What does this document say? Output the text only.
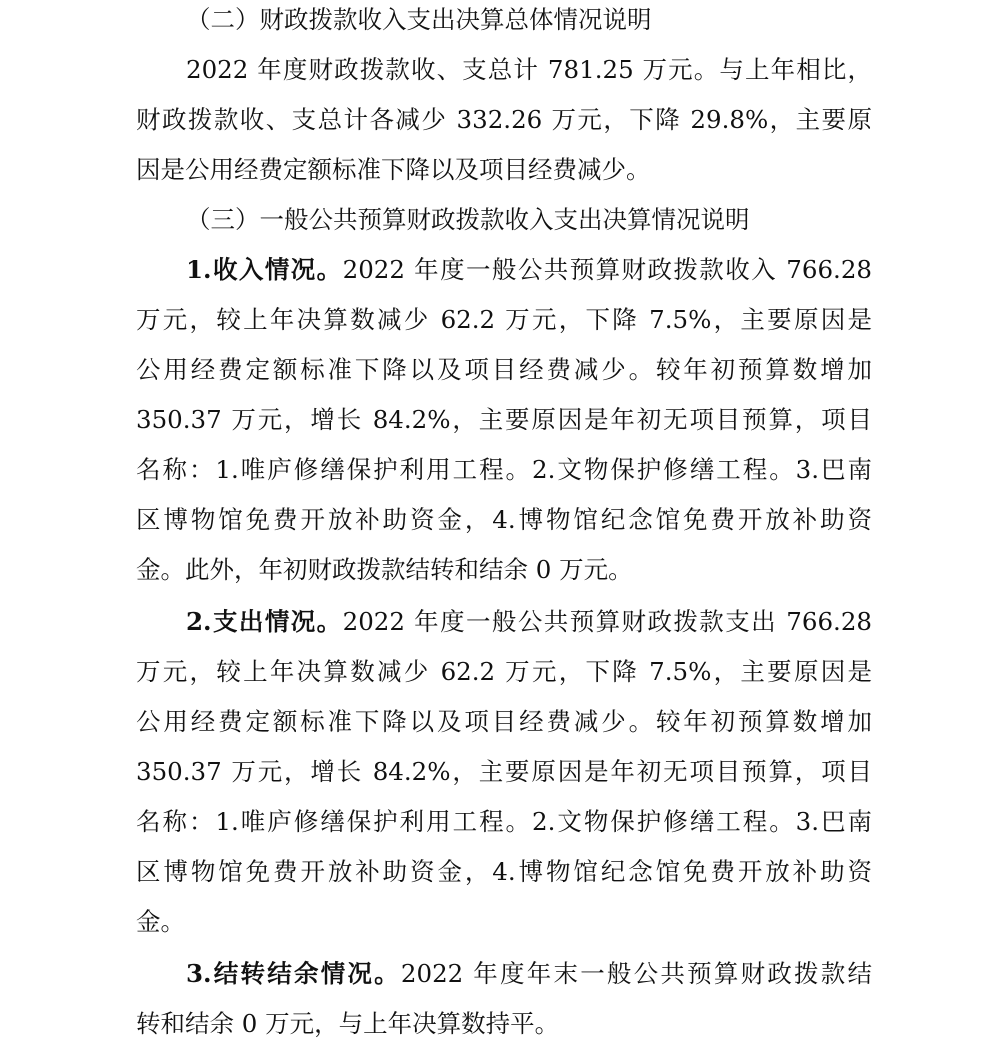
（二）财政拨款收入支出决算总体情况说明
2022 年度财政拨款收、支总计 781.25 万元。与上年相比，
财政拨款收、支总计各减少 332.26 万元，下降 29.8%，主要原
因是公用经费定额标准下降以及项目经费减少。
（三）一般公共预算财政拨款收入支出决算情况说明
1.收入情况。2022 年度一般公共预算财政拨款收入 766.28
万元，较上年决算数减少 62.2 万元，下降 7.5%，主要原因是
公用经费定额标准下降以及项目经费减少。较年初预算数增加
350.37 万元，增长 84.2%，主要原因是年初无项目预算，项目
名称：1.唯庐修缮保护利用工程。2.文物保护修缮工程。3.巴南
区博物馆免费开放补助资金，4.博物馆纪念馆免费开放补助资
金。此外，年初财政拨款结转和结余 0 万元。
2.支出情况。2022 年度一般公共预算财政拨款支出 766.28
万元，较上年决算数减少 62.2 万元，下降 7.5%，主要原因是
公用经费定额标准下降以及项目经费减少。较年初预算数增加
350.37 万元，增长 84.2%，主要原因是年初无项目预算，项目
名称：1.唯庐修缮保护利用工程。2.文物保护修缮工程。3.巴南
区博物馆免费开放补助资金，4.博物馆纪念馆免费开放补助资
金。
3.结转结余情况。2022 年度年末一般公共预算财政拨款结
转和结余 0 万元，与上年决算数持平。
